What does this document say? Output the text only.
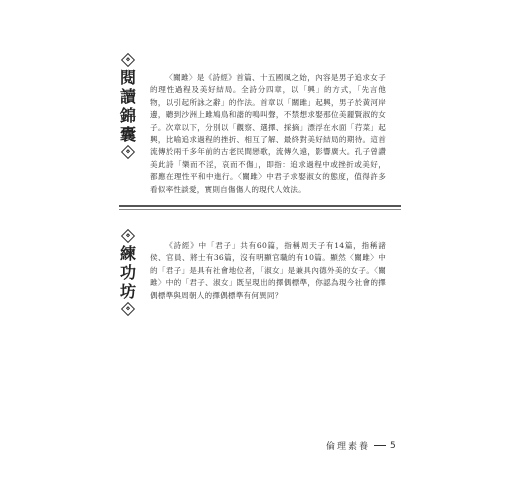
閱
讀
錦
囊

〈關雎〉是《詩經》首篇、十五國風之始，內容是男子追求女子的理性過程及美好結局。全詩分四章，以「興」的方式，「先言他物，以引起所詠之辭」的作法。首章以「關雎」起興，男子於黃河岸邊，聽到沙洲上雎鳩鳥和諧的鳴叫聲，不禁想求娶那位美麗賢淑的女子。次章以下，分別以「觀察、選擇、採摘」漂浮在水面「荇菜」起興，比喻追求過程的挫折、相互了解、最終對美好結局的期待。這首流傳於兩千多年前的古老民間戀歌，流傳久遠，影響廣大。孔子曾讚美此詩「樂而不淫，哀而不傷」，即指：追求過程中或挫折或美好，都應在理性平和中進行。〈關雎〉中君子求娶淑女的態度，值得許多看似率性談愛，實則自傷傷人的現代人效法。

練
功
坊

《詩經》中「君子」共有60篇，指稱周天子有14篇，指稱諸侯、官員、將士有36篇，沒有明顯官職的有10篇。顯然〈關雎〉中的「君子」是具有社會地位者，「淑女」是兼具內德外美的女子。〈關雎〉中的「君子、淑女」既呈現出的擇偶標準，你認為現今社會的擇偶標準與周朝人的擇偶標準有何異同？

倫理素養 5
